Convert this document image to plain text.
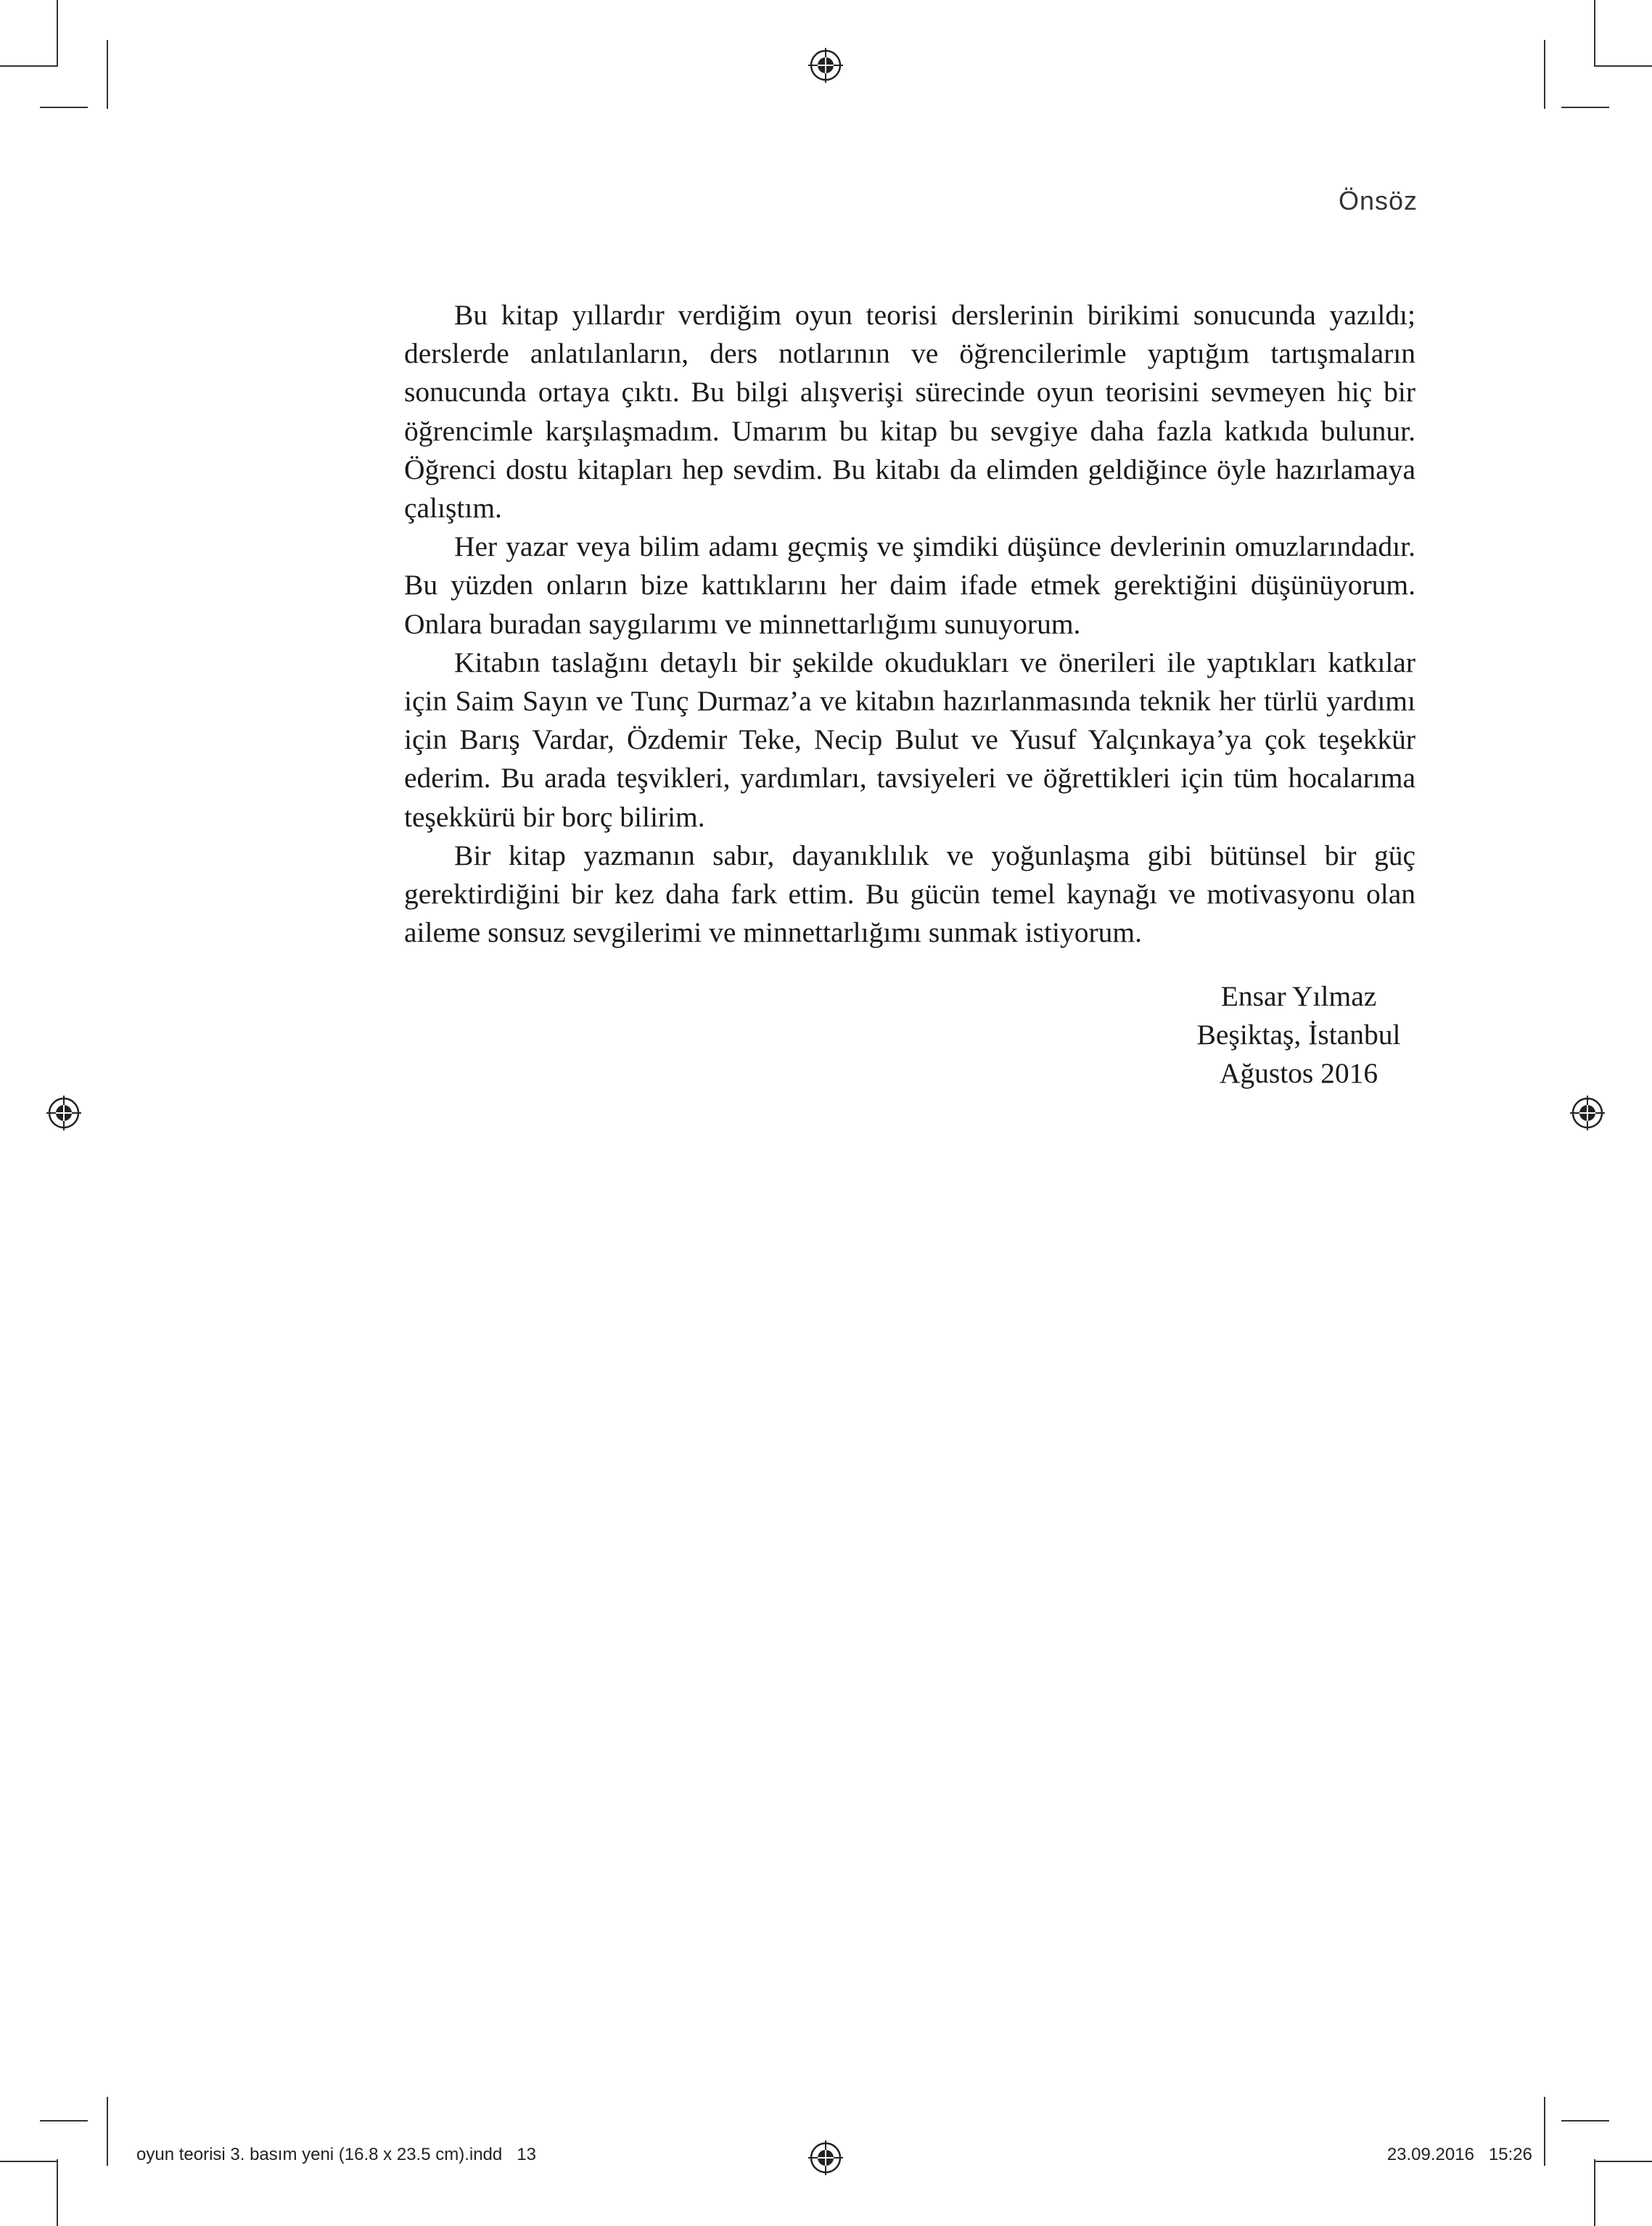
Önsöz

Bu kitap yıllardır verdiğim oyun teorisi derslerinin birikimi sonucunda yazıldı; derslerde anlatılanların, ders notlarının ve öğrencilerimle yaptığım tartışmaların sonucunda ortaya çıktı. Bu bilgi alışverişi sürecinde oyun teorisini sevmeyen hiç bir öğrencimle karşılaşmadım. Umarım bu kitap bu sevgiye daha fazla katkıda bulunur. Öğrenci dostu kitapları hep sevdim. Bu kitabı da elimden geldiğince öyle hazırlamaya çalıştım.

Her yazar veya bilim adamı geçmiş ve şimdiki düşünce devlerinin omuzlarındadır. Bu yüzden onların bize kattıklarını her daim ifade etmek gerektiğini düşünüyorum. Onlara buradan saygılarımı ve minnettarlığımı sunuyorum.

Kitabın taslağını detaylı bir şekilde okudukları ve önerileri ile yaptıkları katkılar için Saim Sayın ve Tunç Durmaz’a ve kitabın hazırlanmasında teknik her türlü yardımı için Barış Vardar, Özdemir Teke, Necip Bulut ve Yusuf Yalçınkaya’ya çok teşekkür ederim. Bu arada teşvikleri, yardımları, tavsiyeleri ve öğrettikleri için tüm hocalarıma teşekkürü bir borç bilirim.

Bir kitap yazmanın sabır, dayanıklılık ve yoğunlaşma gibi bütünsel bir güç gerektirdiğini bir kez daha fark ettim. Bu gücün temel kaynağı ve motivasyonu olan aileme sonsuz sevgilerimi ve minnettarlığımı sunmak istiyorum.

Ensar Yılmaz
Beşiktaş, İstanbul
Ağustos 2016
oyun teorisi 3. basım yeni (16.8 x 23.5 cm).indd   13	23.09.2016   15:26
